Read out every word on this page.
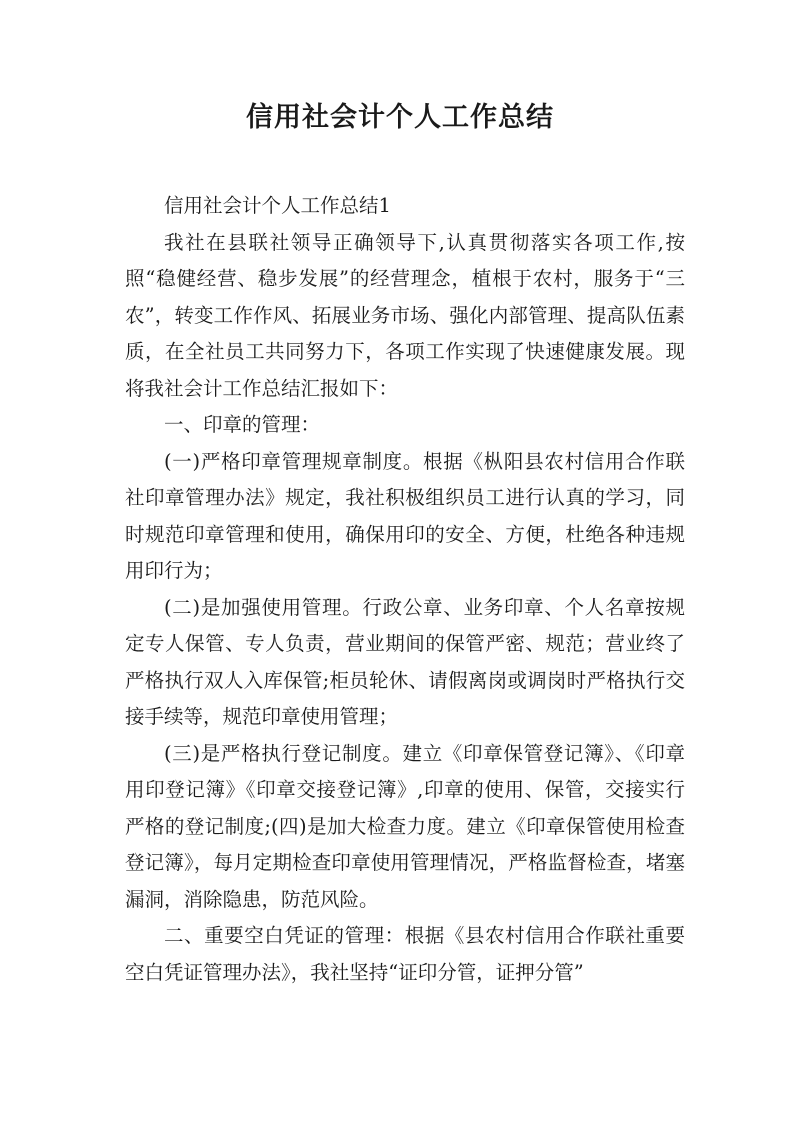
信用社会计个人工作总结

信用社会计个人工作总结1

我社在县联社领导正确领导下,认真贯彻落实各项工作,按照“稳健经营、稳步发展”的经营理念，植根于农村，服务于“三农”，转变工作作风、拓展业务市场、强化内部管理、提高队伍素质，在全社员工共同努力下，各项工作实现了快速健康发展。现将我社会计工作总结汇报如下：

一、印章的管理：

(一)严格印章管理规章制度。根据《枞阳县农村信用合作联社印章管理办法》规定，我社积极组织员工进行认真的学习，同时规范印章管理和使用，确保用印的安全、方便，杜绝各种违规用印行为；

(二)是加强使用管理。行政公章、业务印章、个人名章按规定专人保管、专人负责，营业期间的保管严密、规范；营业终了严格执行双人入库保管;柜员轮休、请假离岗或调岗时严格执行交接手续等，规范印章使用管理；

(三)是严格执行登记制度。建立《印章保管登记簿》、《印章用印登记簿》《印章交接登记簿》,印章的使用、保管，交接实行严格的登记制度;(四)是加大检查力度。建立《印章保管使用检查登记簿》，每月定期检查印章使用管理情况，严格监督检查，堵塞漏洞，消除隐患，防范风险。

二、重要空白凭证的管理：根据《县农村信用合作联社重要空白凭证管理办法》，我社坚持“证印分管，证押分管”
